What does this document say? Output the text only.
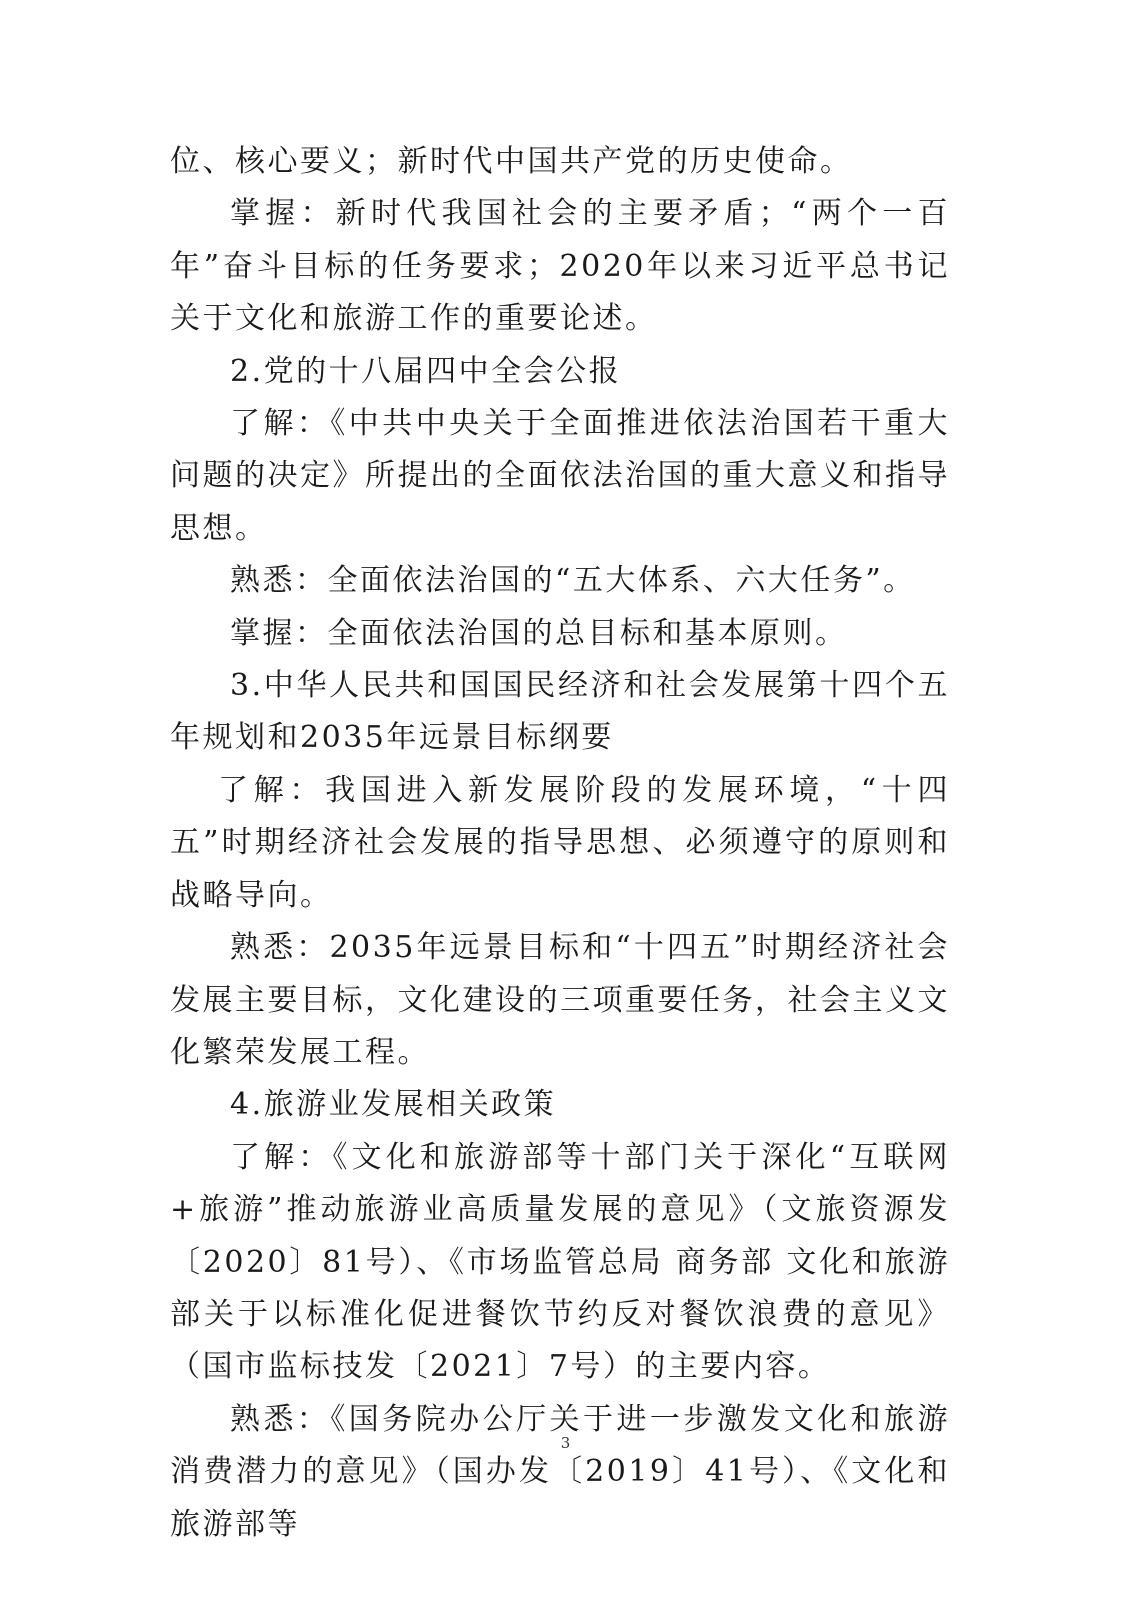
位、核心要义；新时代中国共产党的历史使命。

掌握：新时代我国社会的主要矛盾；“两个一百年”奋斗目标的任务要求；2020年以来习近平总书记关于文化和旅游工作的重要论述。

2.党的十八届四中全会公报

了解：《中共中央关于全面推进依法治国若干重大问题的决定》所提出的全面依法治国的重大意义和指导思想。

熟悉：全面依法治国的“五大体系、六大任务”。

掌握：全面依法治国的总目标和基本原则。

3.中华人民共和国国民经济和社会发展第十四个五年规划和2035年远景目标纲要

了解：我国进入新发展阶段的发展环境，“十四五”时期经济社会发展的指导思想、必须遵守的原则和战略导向。

熟悉：2035年远景目标和“十四五”时期经济社会发展主要目标，文化建设的三项重要任务，社会主义文化繁荣发展工程。

4.旅游业发展相关政策

了解：《文化和旅游部等十部门关于深化“互联网+旅游”推动旅游业高质量发展的意见》（文旅资源发〔2020〕81号）、《市场监管总局 商务部 文化和旅游部关于以标准化促进餐饮节约反对餐饮浪费的意见》（国市监标技发〔2021〕7号）的主要内容。

熟悉：《国务院办公厅关于进一步激发文化和旅游消费潜力的意见》（国办发〔2019〕41号）、《文化和旅游部等

3
